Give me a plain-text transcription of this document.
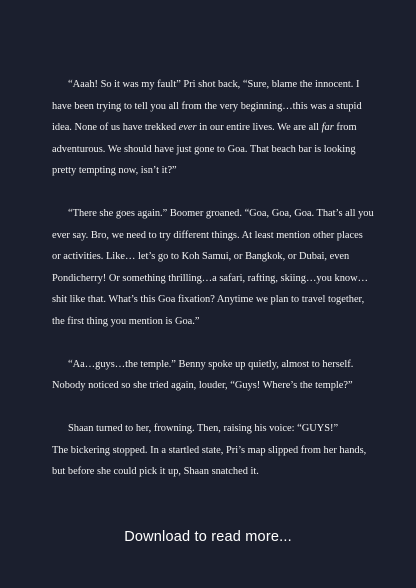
“Aaah! So it was my fault” Pri shot back, “Sure, blame the innocent. I have been trying to tell you all from the very beginning…this was a stupid idea. None of us have trekked ever in our entire lives. We are all far from adventurous. We should have just gone to Goa. That beach bar is looking pretty tempting now, isn’t it?”

“There she goes again.” Boomer groaned. “Goa, Goa, Goa. That’s all you ever say. Bro, we need to try different things. At least mention other places or activities. Like… let’s go to Koh Samui, or Bangkok, or Dubai, even Pondicherry! Or something thrilling…a safari, rafting, skiing…you know…shit like that. What’s this Goa fixation? Anytime we plan to travel together, the first thing you mention is Goa.”

“Aa…guys…the temple.” Benny spoke up quietly, almost to herself. Nobody noticed so she tried again, louder, “Guys! Where’s the temple?”

Shaan turned to her, frowning. Then, raising his voice: “GUYS!”
The bickering stopped. In a startled state, Pri’s map slipped from her hands, but before she could pick it up, Shaan snatched it.

Download to read more...
